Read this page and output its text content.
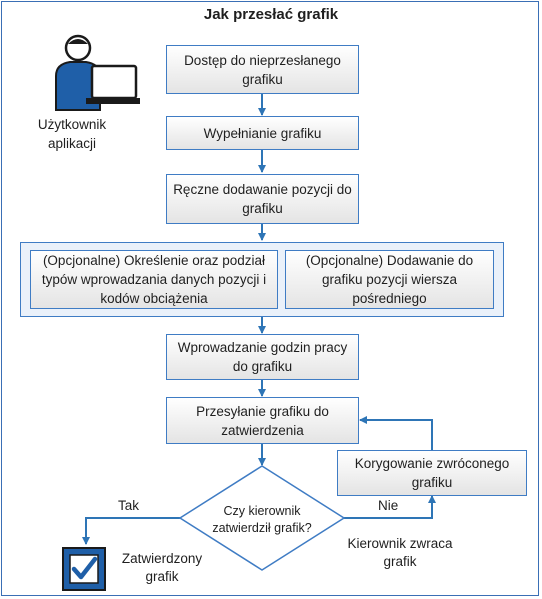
Jak przesłać grafik
Czy kierownik
zatwierdził grafik?
Użytkownik aplikacji
Dostęp do nieprzesłanego grafiku
Wypełnianie grafiku
Ręczne dodawanie pozycji do grafiku
(Opcjonalne) Określenie oraz podział typów wprowadzania danych pozycji i kodów obciążenia
(Opcjonalne) Dodawanie do grafiku pozycji wiersza pośredniego
Wprowadzanie godzin pracy do grafiku
Przesyłanie grafiku do zatwierdzenia
Korygowanie zwróconego grafiku
Tak	Nie
Kierownik zwraca grafik
Zatwierdzony grafik
